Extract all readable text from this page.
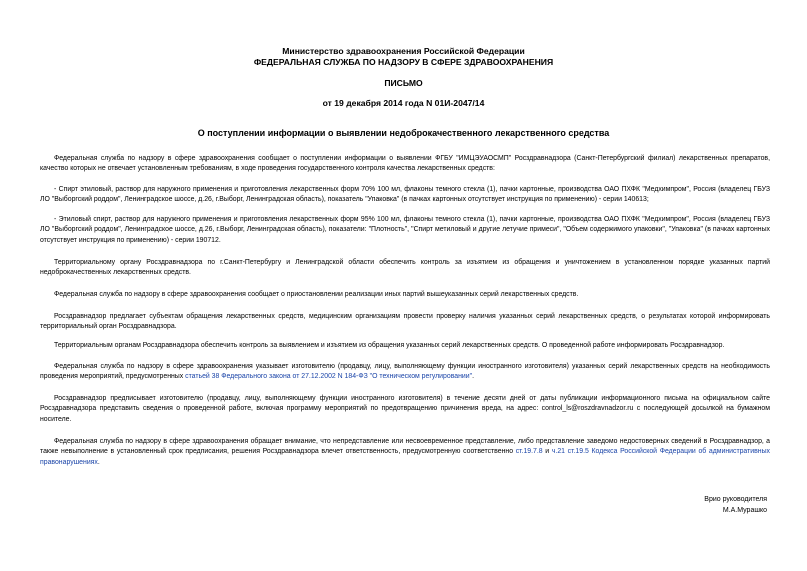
Министерство здравоохранения Российской Федерации
ФЕДЕРАЛЬНАЯ СЛУЖБА ПО НАДЗОРУ В СФЕРЕ ЗДРАВООХРАНЕНИЯ
ПИСЬМО
от 19 декабря 2014 года N 01И-2047/14
О поступлении информации о выявлении недоброкачественного лекарственного средства

Федеральная служба по надзору в сфере здравоохранения сообщает о поступлении информации о выявлении ФГБУ "ИМЦЭУАОСМП" Росздравнадзора (Санкт-Петербургский филиал) лекарственных препаратов, качество которых не отвечает установленным требованиям, в ходе проведения государственного контроля качества лекарственных средств:

- Спирт этиловый, раствор для наружного применения и приготовления лекарственных форм 70% 100 мл, флаконы темного стекла (1), пачки картонные, производства ОАО ПХФК "Медхимпром", Россия (владелец ГБУЗ ЛО "Выборгский роддом", Ленинградское шоссе, д.26, г.Выборг, Ленинградская область), показатель "Упаковка" (в пачках картонных отсутствует инструкция по применению) - серии 140613;

- Этиловый спирт, раствор для наружного применения и приготовления лекарственных форм 95% 100 мл, флаконы темного стекла (1), пачки картонные, производства ОАО ПХФК "Медхимпром", Россия (владелец ГБУЗ ЛО "Выборгский роддом", Ленинградское шоссе, д.26, г.Выборг, Ленинградская область), показатели: "Плотность", "Спирт метиловый и другие летучие примеси", "Объем содержимого упаковки", "Упаковка" (в пачках картонных отсутствует инструкция по применению) - серии 190712.

Территориальному органу Росздравнадзора по г.Санкт-Петербургу и Ленинградской области обеспечить контроль за изъятием из обращения и уничтожением в установленном порядке указанных партий недоброкачественных лекарственных средств.

Федеральная служба по надзору в сфере здравоохранения сообщает о приостановлении реализации иных партий вышеуказанных серий лекарственных средств.

Росздравнадзор предлагает субъектам обращения лекарственных средств, медицинским организациям провести проверку наличия указанных серий лекарственных средств, о результатах которой информировать территориальный орган Росздравнадзора.

Территориальным органам Росздравнадзора обеспечить контроль за выявлением и изъятием из обращения указанных серий лекарственных средств. О проведенной работе информировать Росздравнадзор.

Федеральная служба по надзору в сфере здравоохранения указывает изготовителю (продавцу, лицу, выполняющему функции иностранного изготовителя) указанных серий лекарственных средств на необходимость проведения мероприятий, предусмотренных статьей 38 Федерального закона от 27.12.2002 N 184-ФЗ "О техническом регулировании".

Росздравнадзор предписывает изготовителю (продавцу, лицу, выполняющему функции иностранного изготовителя) в течение десяти дней от даты публикации информационного письма на официальном сайте Росздравнадзора представить сведения о проведенной работе, включая программу мероприятий по предотвращению причинения вреда, на адрес: control_ls@roszdravnadzor.ru с последующей досылкой на бумажном носителе.

Федеральная служба по надзору в сфере здравоохранения обращает внимание, что непредставление или несвоевременное представление, либо представление заведомо недостоверных сведений в Росздравнадзор, а также невыполнение в установленный срок предписания, решения Росздравнадзора влечет ответственность, предусмотренную соответственно ст.19.7.8 и ч.21 ст.19.5 Кодекса Российской Федерации об административных правонарушениях.

Врио руководителя
М.А.Мурашко
